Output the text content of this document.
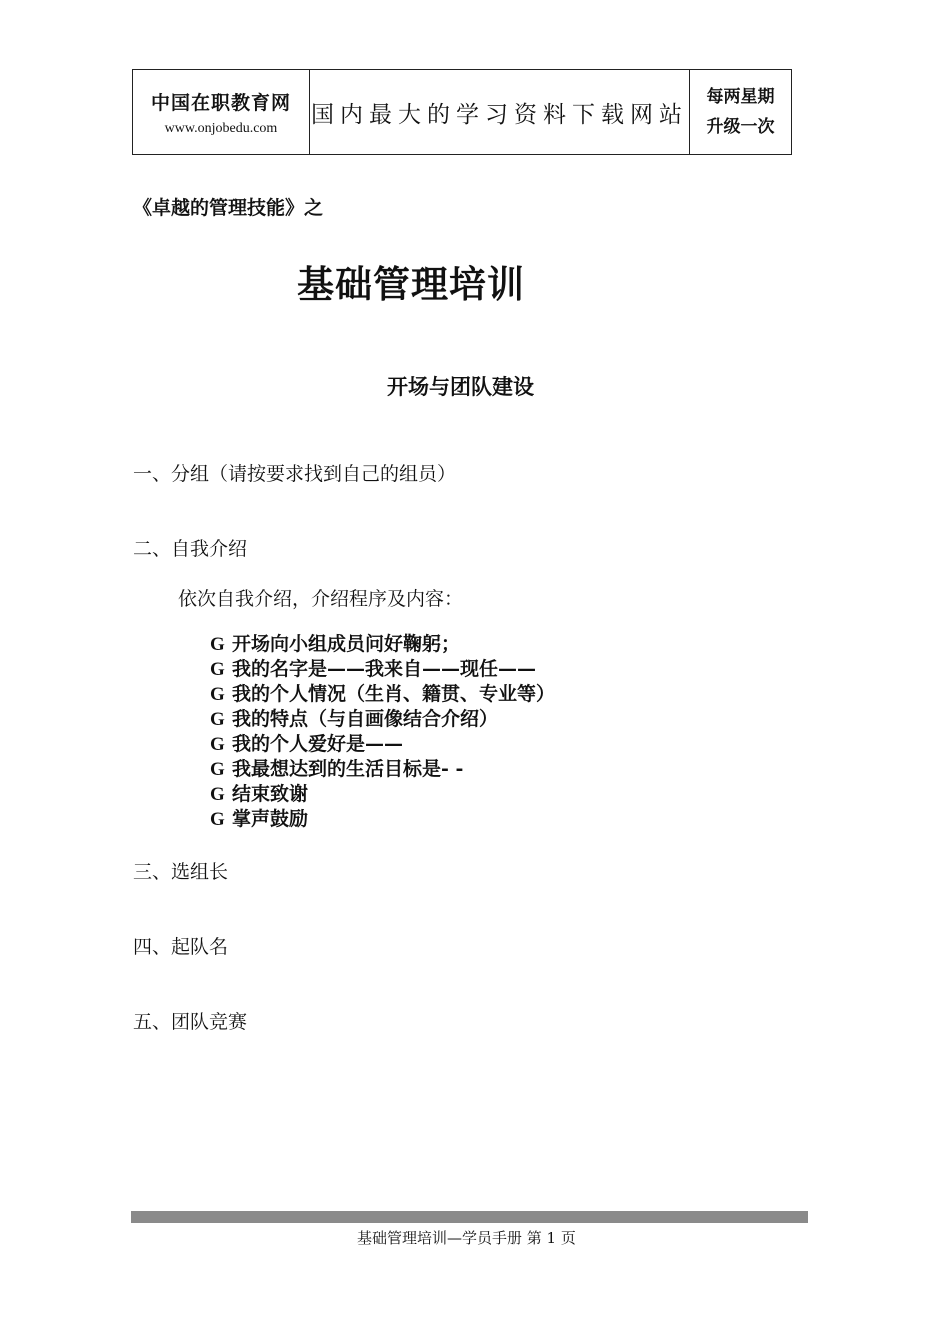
中国在职教育网
www.onjobedu.com
国内最大的学习资料下载网站
每两星期
升级一次
《卓越的管理技能》之
基础管理培训
开场与团队建设
一、分组（请按要求找到自己的组员）
二、自我介绍
依次自我介绍，介绍程序及内容：
G 开场向小组成员问好鞠躬；
G 我的名字是——我来自——现任——
G 我的个人情况（生肖、籍贯、专业等）
G 我的特点（与自画像结合介绍）
G 我的个人爱好是——
G 我最想达到的生活目标是- -
G 结束致谢
G 掌声鼓励
三、选组长
四、起队名
五、团队竞赛
基础管理培训—学员手册 第 1 页
